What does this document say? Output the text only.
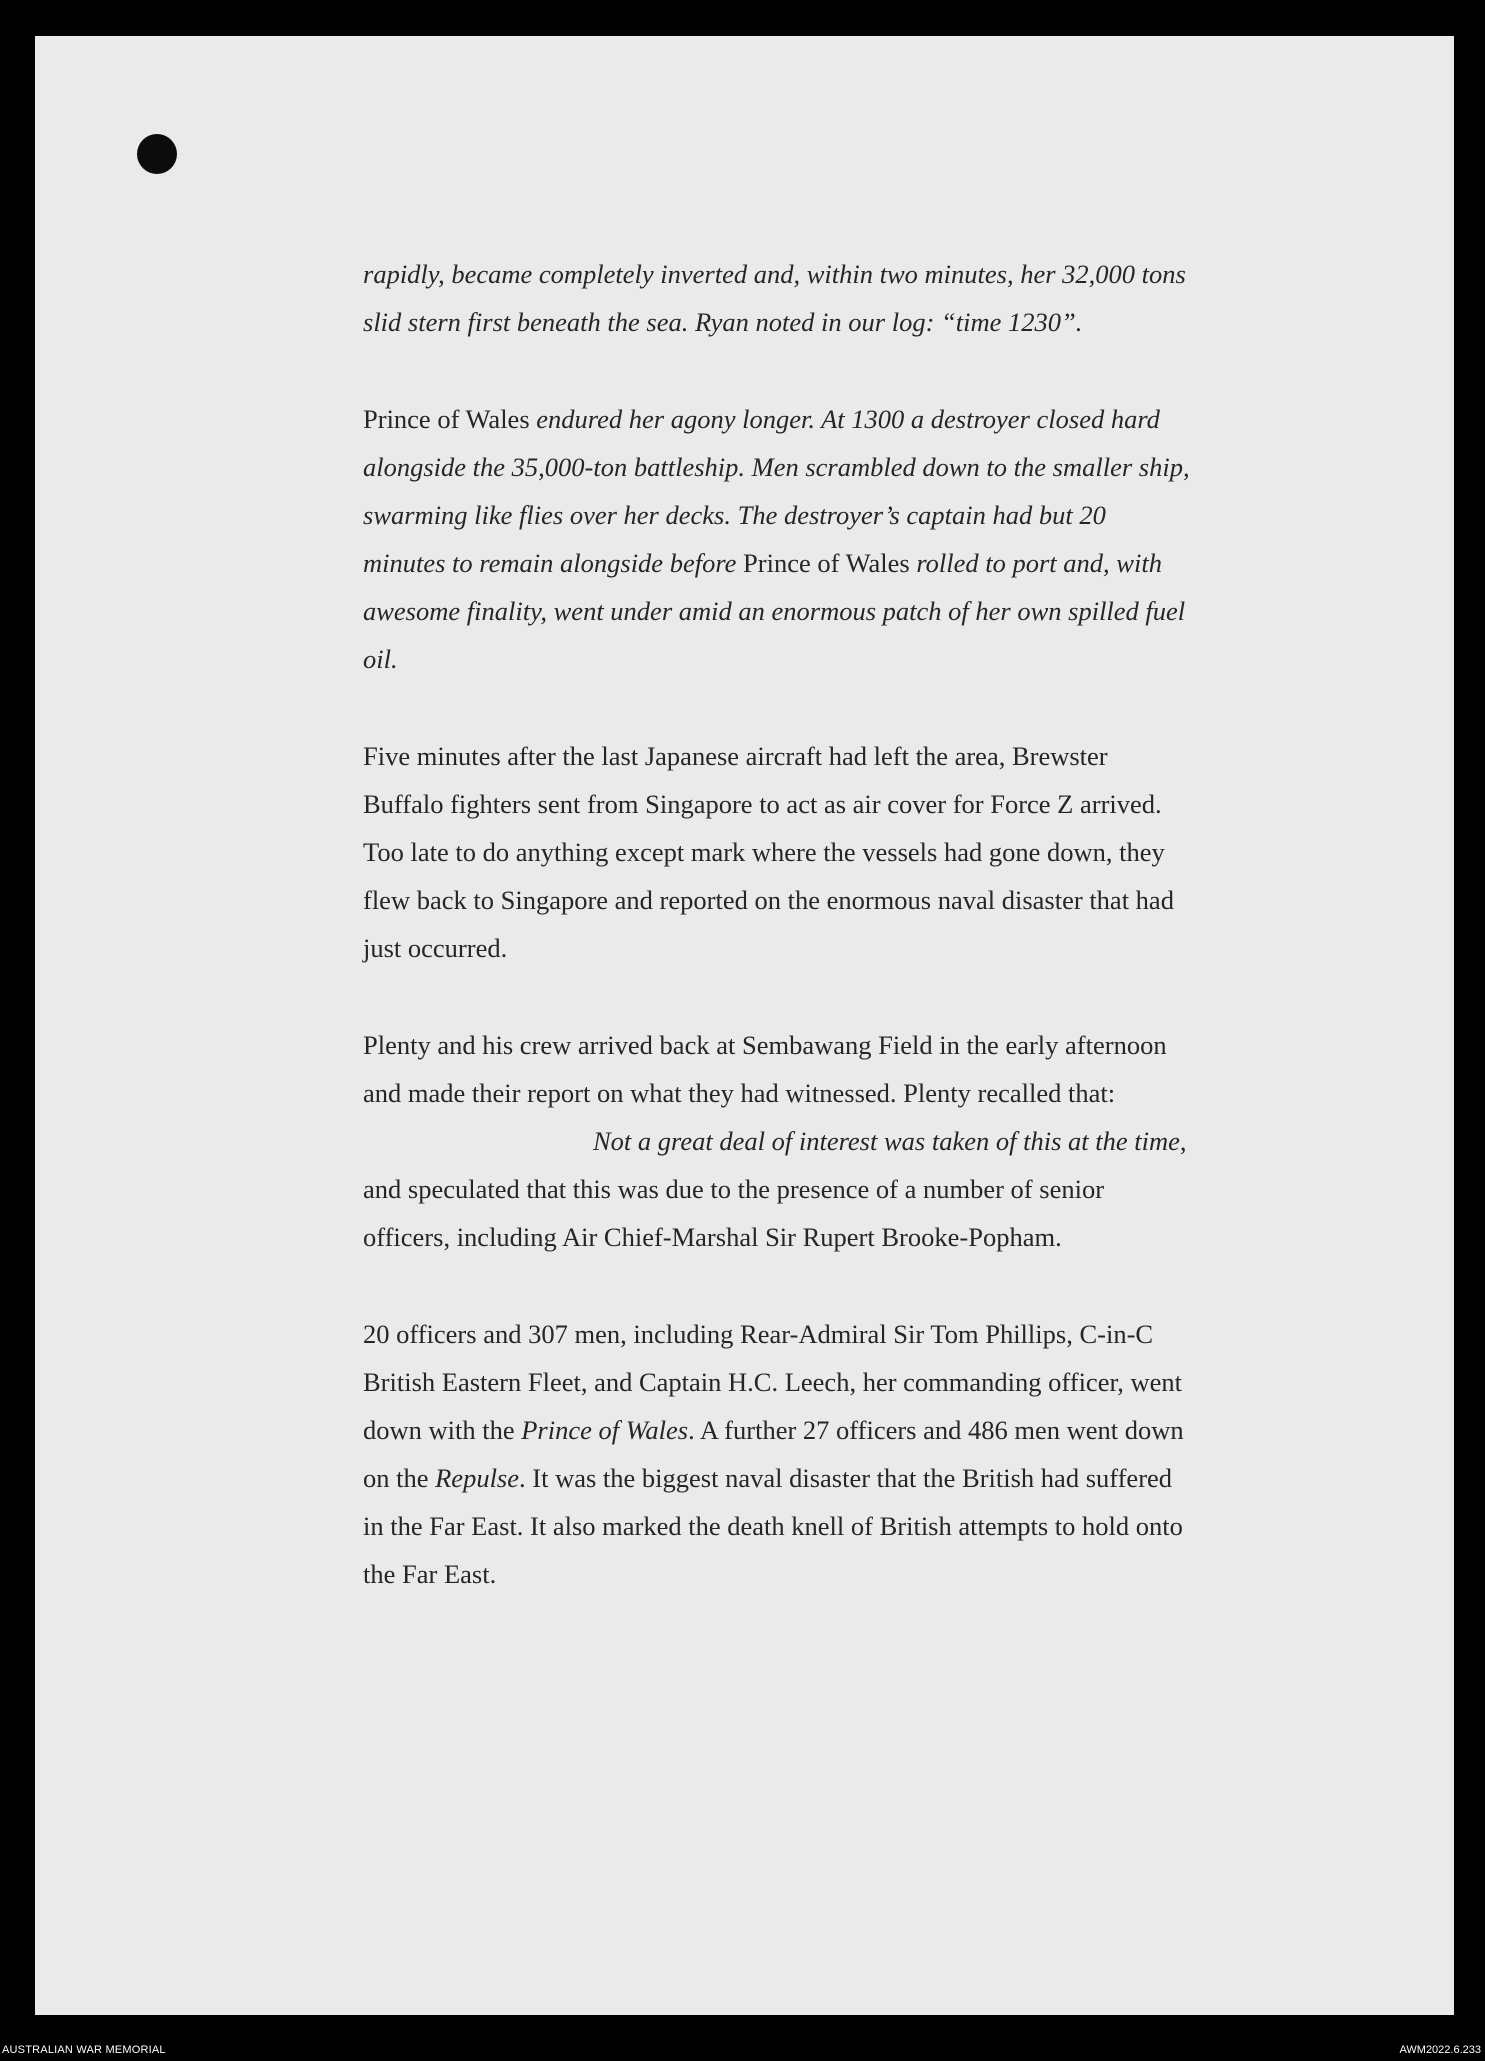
rapidly, became completely inverted and, within two minutes, her 32,000 tons
slid stern first beneath the sea. Ryan noted in our log: “time 1230”.
Prince of Wales endured her agony longer. At 1300 a destroyer closed hard
alongside the 35,000-ton battleship. Men scrambled down to the smaller ship,
swarming like flies over her decks. The destroyer’s captain had but 20
minutes to remain alongside before Prince of Wales rolled to port and, with
awesome finality, went under amid an enormous patch of her own spilled fuel
oil.
Five minutes after the last Japanese aircraft had left the area, Brewster
Buffalo fighters sent from Singapore to act as air cover for Force Z arrived.
Too late to do anything except mark where the vessels had gone down, they
flew back to Singapore and reported on the enormous naval disaster that had
just occurred.
Plenty and his crew arrived back at Sembawang Field in the early afternoon
and made their report on what they had witnessed. Plenty recalled that:
Not a great deal of interest was taken of this at the time,
and speculated that this was due to the presence of a number of senior
officers, including Air Chief-Marshal Sir Rupert Brooke-Popham.
20 officers and 307 men, including Rear-Admiral Sir Tom Phillips, C-in-C
British Eastern Fleet, and Captain H.C. Leech, her commanding officer, went
down with the Prince of Wales. A further 27 officers and 486 men went down
on the Repulse. It was the biggest naval disaster that the British had suffered
in the Far East. It also marked the death knell of British attempts to hold onto
the Far East.
AUSTRALIAN WAR MEMORIAL	AWM2022.6.233
